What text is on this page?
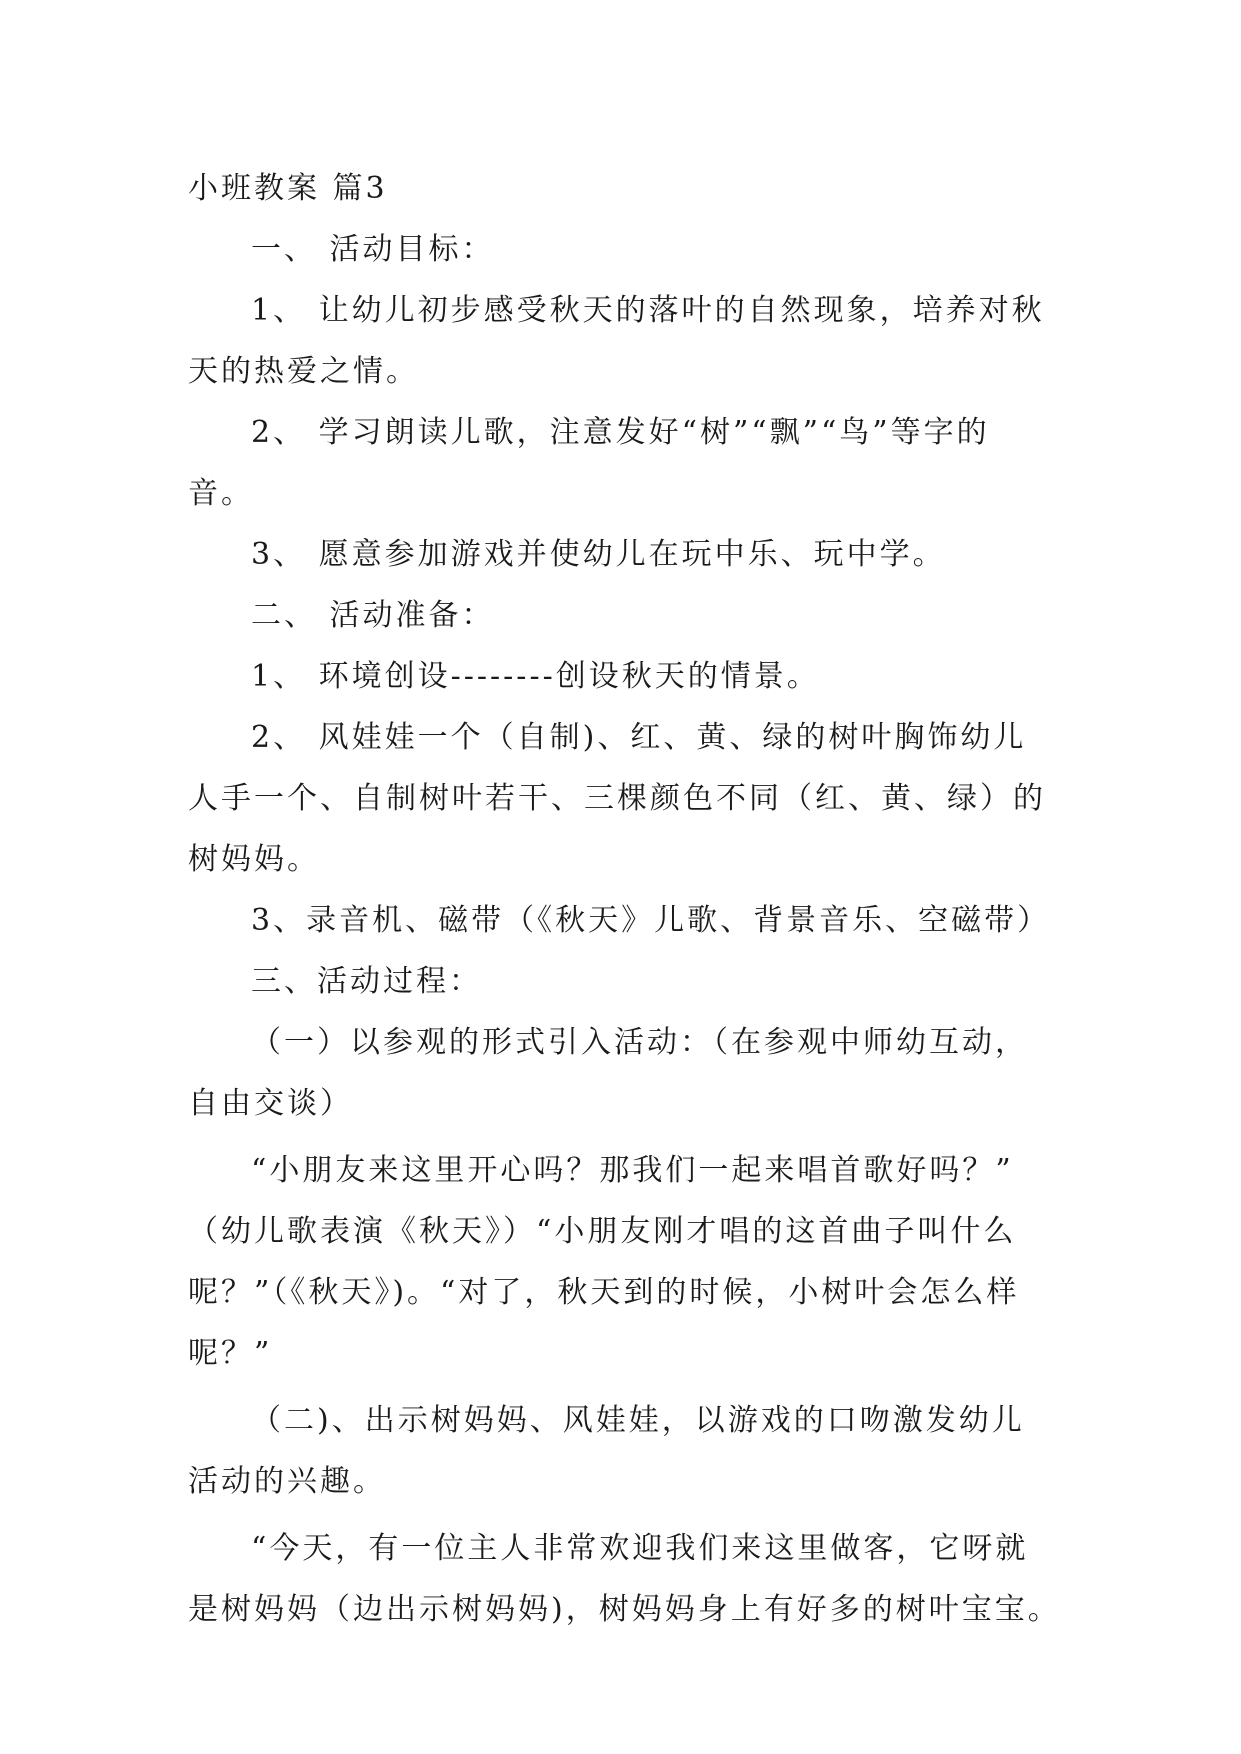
小班教案 篇3
一、 活动目标：
1、 让幼儿初步感受秋天的落叶的自然现象，培养对秋
天的热爱之情。
2、 学习朗读儿歌，注意发好“树”“飘”“鸟”等字的
音。
3、 愿意参加游戏并使幼儿在玩中乐、玩中学。
二、 活动准备：
1、 环境创设--------创设秋天的情景。
2、 风娃娃一个（自制)、红、黄、绿的树叶胸饰幼儿
人手一个、自制树叶若干、三棵颜色不同（红、黄、绿）的
树妈妈。
3、录音机、磁带（《秋天》儿歌、背景音乐、空磁带）
三、活动过程：
（一）以参观的形式引入活动：（在参观中师幼互动，
自由交谈）
“小朋友来这里开心吗？那我们一起来唱首歌好吗？”
（幼儿歌表演《秋天》）“小朋友刚才唱的这首曲子叫什么
呢？”（《秋天》)。“对了，秋天到的时候，小树叶会怎么样
呢？”
（二)、出示树妈妈、风娃娃，以游戏的口吻激发幼儿
活动的兴趣。
“今天，有一位主人非常欢迎我们来这里做客，它呀就
是树妈妈（边出示树妈妈)，树妈妈身上有好多的树叶宝宝。
